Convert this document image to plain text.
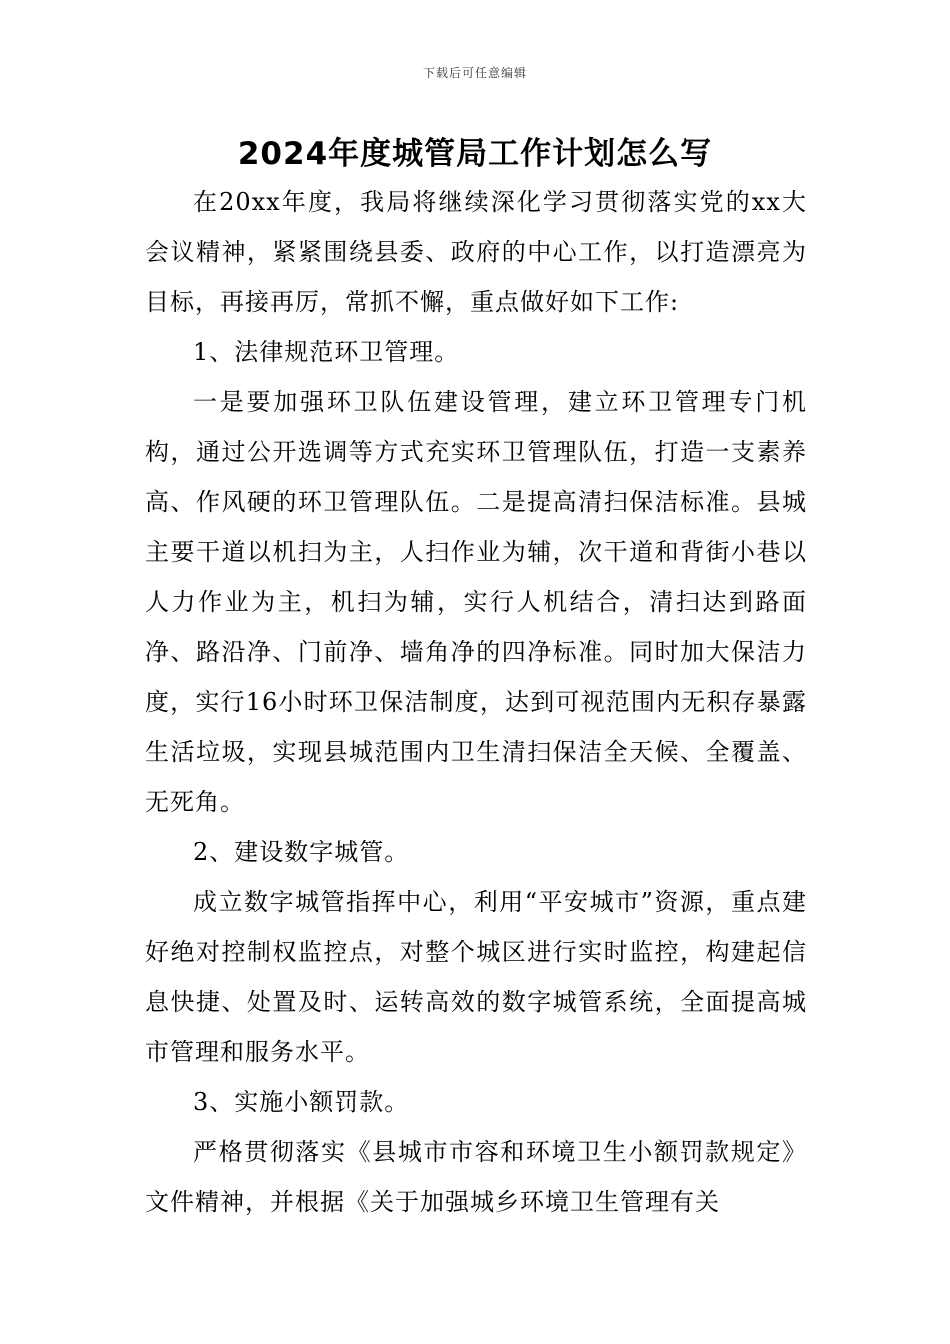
下载后可任意编辑
2024年度城管局工作计划怎么写

在20xx年度，我局将继续深化学习贯彻落实党的xx大会议精神，紧紧围绕县委、政府的中心工作，以打造漂亮为目标，再接再厉，常抓不懈，重点做好如下工作:

1、法律规范环卫管理。

一是要加强环卫队伍建设管理，建立环卫管理专门机构，通过公开选调等方式充实环卫管理队伍，打造一支素养高、作风硬的环卫管理队伍。二是提高清扫保洁标准。县城主要干道以机扫为主，人扫作业为辅，次干道和背街小巷以人力作业为主，机扫为辅，实行人机结合，清扫达到路面净、路沿净、门前净、墙角净的四净标准。同时加大保洁力度，实行16小时环卫保洁制度，达到可视范围内无积存暴露生活垃圾，实现县城范围内卫生清扫保洁全天候、全覆盖、无死角。

2、建设数字城管。

成立数字城管指挥中心，利用“平安城市”资源，重点建好绝对控制权监控点，对整个城区进行实时监控，构建起信息快捷、处置及时、运转高效的数字城管系统，全面提高城市管理和服务水平。

3、实施小额罚款。

严格贯彻落实《县城市市容和环境卫生小额罚款规定》文件精神，并根据《关于加强城乡环境卫生管理有关
